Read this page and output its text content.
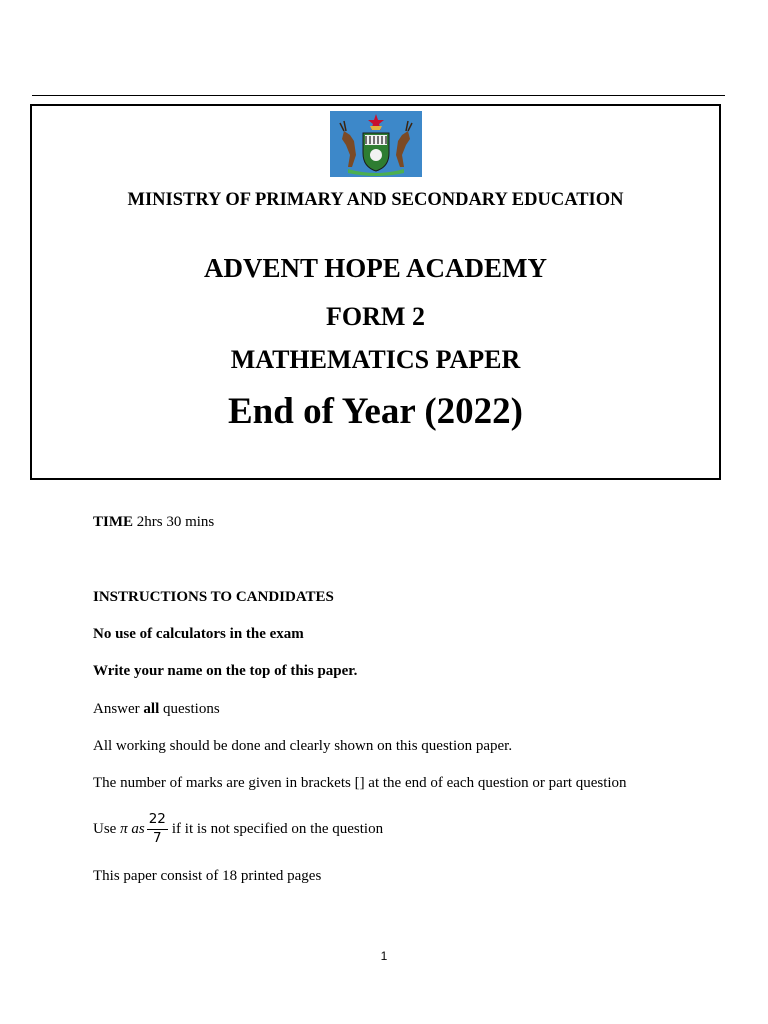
MINISTRY OF PRIMARY AND SECONDARY EDUCATION
ADVENT HOPE ACADEMY
FORM 2
MATHEMATICS PAPER
End of Year (2022)
TIME 2hrs 30 mins
INSTRUCTIONS TO CANDIDATES
No use of calculators in the exam
Write your name on the top of this paper.
Answer all questions
All working should be done and clearly shown on this question paper.
The number of marks are given in brackets [] at the end of each question or part question
Use
π
as $\frac{22}{7}$ if it is not specified on the question
This paper consist of 18 printed pages
1
